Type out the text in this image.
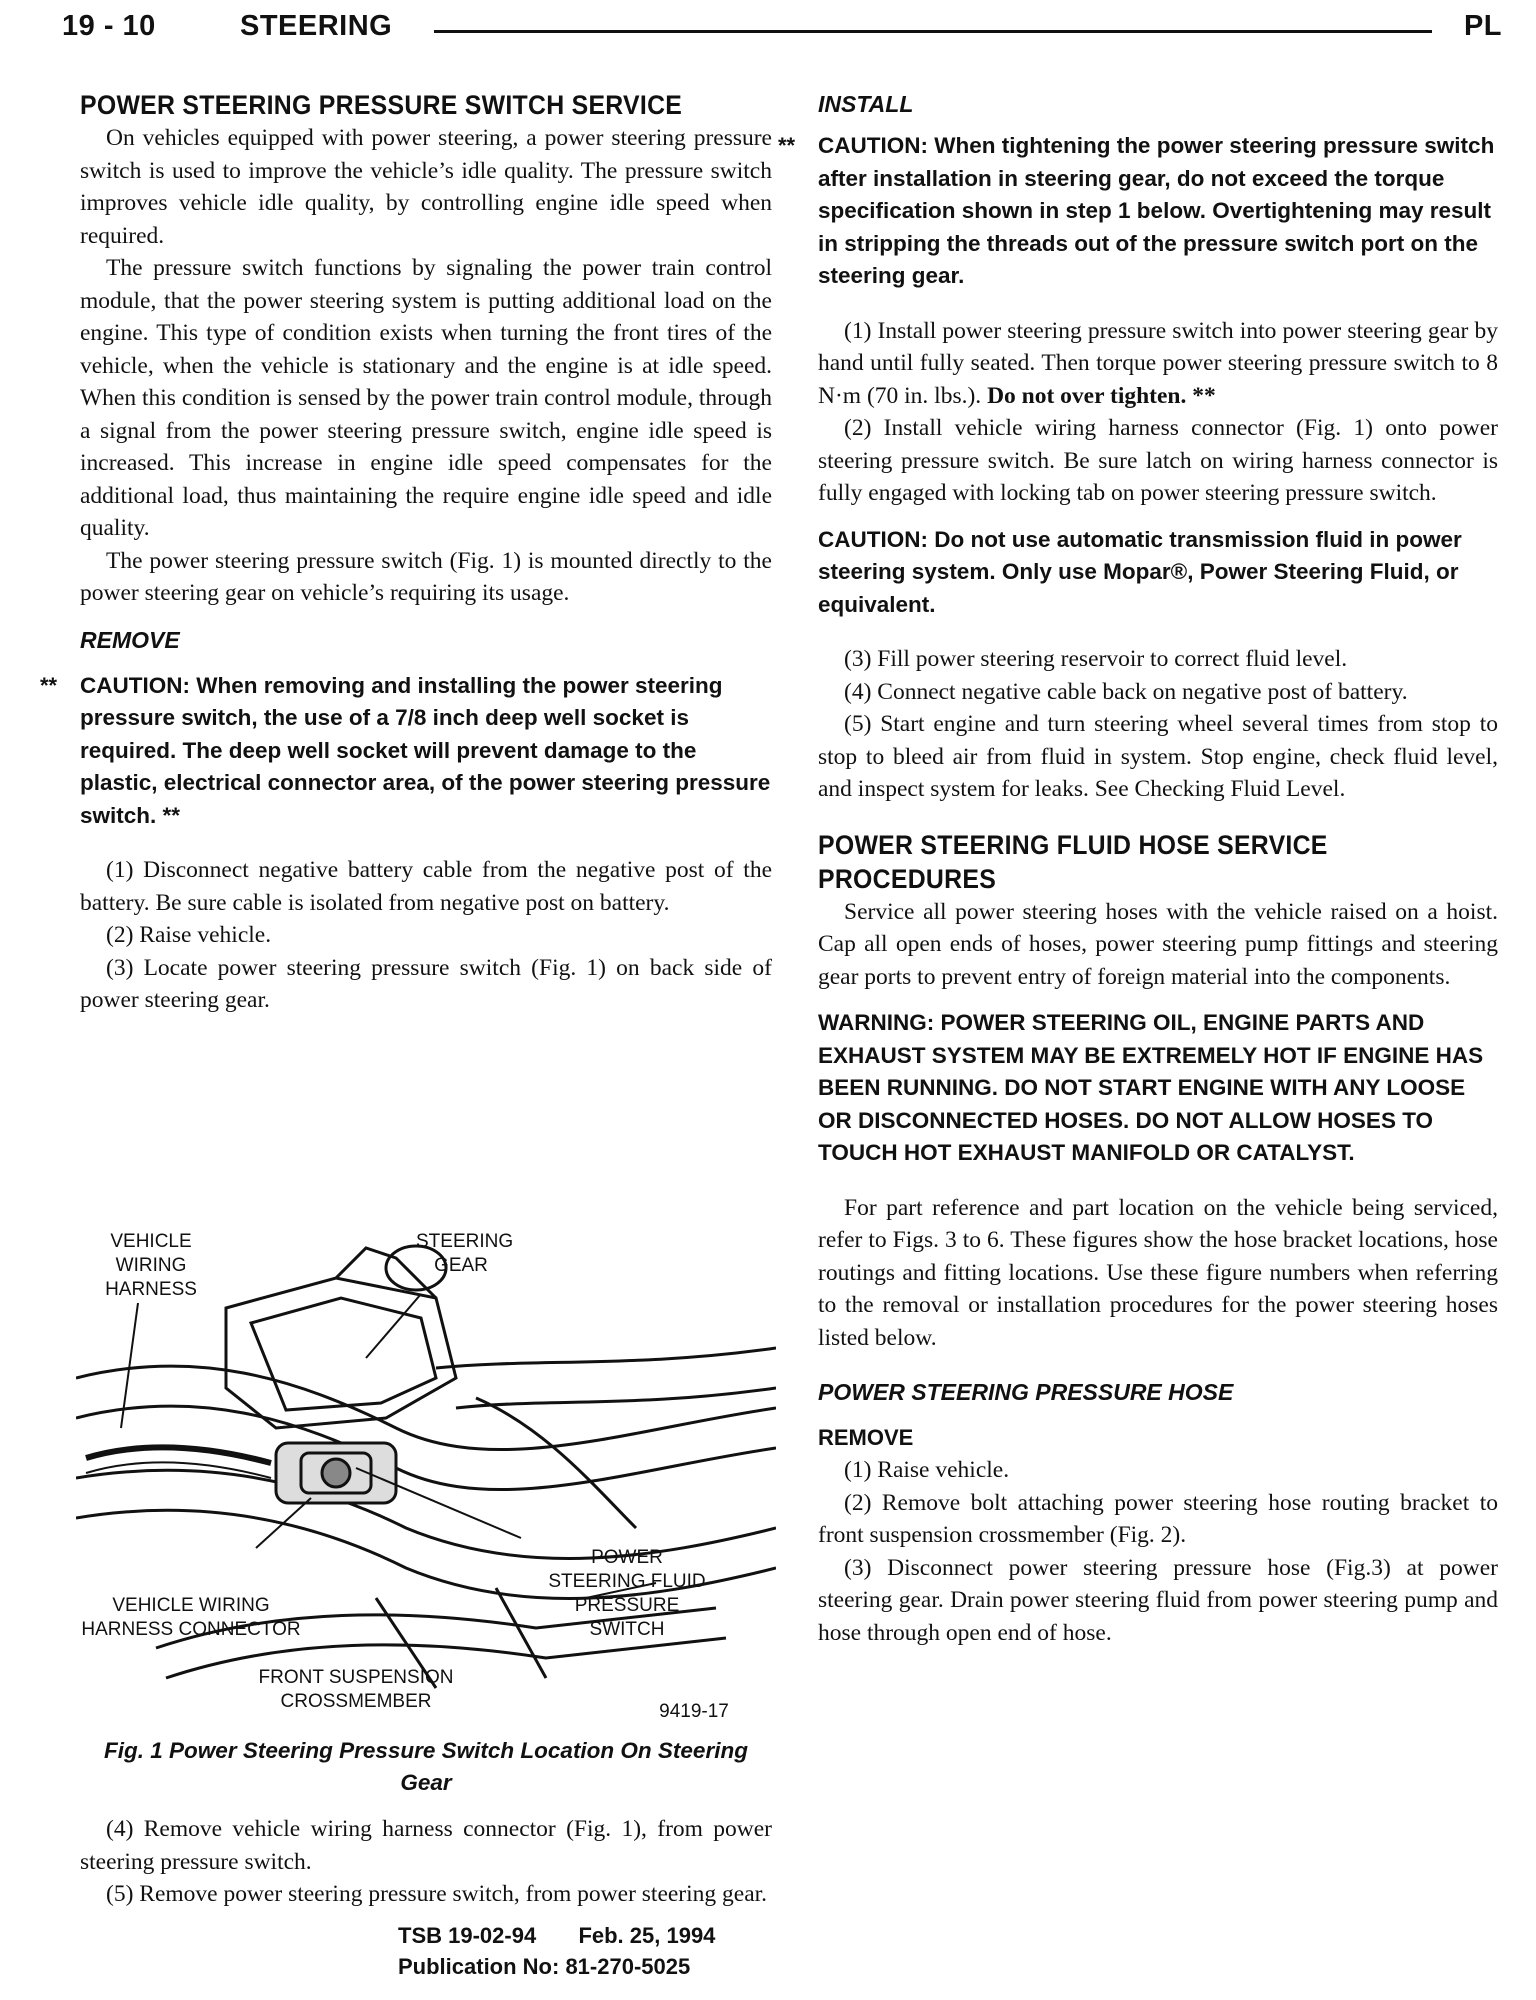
19 - 10	STEERING	PL
POWER STEERING PRESSURE SWITCH SERVICE

On vehicles equipped with power steering, a power steering pressure switch is used to improve the vehicle’s idle quality. The pressure switch improves vehicle idle quality, by controlling engine idle speed when required.

The pressure switch functions by signaling the power train control module, that the power steering system is putting additional load on the engine. This type of condition exists when turning the front tires of the vehicle, when the vehicle is stationary and the engine is at idle speed. When this condition is sensed by the power train control module, through a signal from the power steering pressure switch, engine idle speed is increased. This increase in engine idle speed compensates for the additional load, thus maintaining the require engine idle speed and idle quality.

The power steering pressure switch (Fig. 1) is mounted directly to the power steering gear on vehicle’s requiring its usage.

REMOVE
** CAUTION: When removing and installing the power steering pressure switch, the use of a 7/8 inch deep well socket is required. The deep well socket will prevent damage to the plastic, electrical connector area, of the power steering pressure switch. **

(1) Disconnect negative battery cable from the negative post of the battery. Be sure cable is isolated from negative post on battery.

(2) Raise vehicle.

(3) Locate power steering pressure switch (Fig. 1) on back side of power steering gear.

VEHICLE WIRING HARNESS
STEERING GEAR
POWER STEERING FLUID PRESSURE SWITCH
VEHICLE WIRING HARNESS CONNECTOR
FRONT SUSPENSION CROSSMEMBER	9419-17
Fig. 1 Power Steering Pressure Switch Location On Steering Gear

(4) Remove vehicle wiring harness connector (Fig. 1), from power steering pressure switch.

(5) Remove power steering pressure switch, from power steering gear.

INSTALL
** CAUTION: When tightening the power steering pressure switch after installation in steering gear, do not exceed the torque specification shown in step 1 below. Overtightening may result in stripping the threads out of the pressure switch port on the steering gear.

(1) Install power steering pressure switch into power steering gear by hand until fully seated. Then torque power steering pressure switch to 8 N·m (70 in. lbs.). Do not over tighten. **

(2) Install vehicle wiring harness connector (Fig. 1) onto power steering pressure switch. Be sure latch on wiring harness connector is fully engaged with locking tab on power steering pressure switch.

CAUTION: Do not use automatic transmission fluid in power steering system. Only use Mopar®, Power Steering Fluid, or equivalent.

(3) Fill power steering reservoir to correct fluid level.

(4) Connect negative cable back on negative post of battery.

(5) Start engine and turn steering wheel several times from stop to stop to bleed air from fluid in system. Stop engine, check fluid level, and inspect system for leaks. See Checking Fluid Level.

POWER STEERING FLUID HOSE SERVICE
PROCEDURES

Service all power steering hoses with the vehicle raised on a hoist. Cap all open ends of hoses, power steering pump fittings and steering gear ports to prevent entry of foreign material into the components.

WARNING: POWER STEERING OIL, ENGINE PARTS AND EXHAUST SYSTEM MAY BE EXTREMELY HOT IF ENGINE HAS BEEN RUNNING. DO NOT START ENGINE WITH ANY LOOSE OR DISCONNECTED HOSES. DO NOT ALLOW HOSES TO TOUCH HOT EXHAUST MANIFOLD OR CATALYST.

For part reference and part location on the vehicle being serviced, refer to Figs. 3 to 6. These figures show the hose bracket locations, hose routings and fitting locations. Use these figure numbers when referring to the removal or installation procedures for the power steering hoses listed below.

POWER STEERING PRESSURE HOSE
REMOVE

(1) Raise vehicle.

(2) Remove bolt attaching power steering hose routing bracket to front suspension crossmember (Fig. 2).

(3) Disconnect power steering pressure hose (Fig.3) at power steering gear. Drain power steering fluid from power steering pump and hose through open end of hose.

TSB 19-02-94 Feb. 25, 1994
Publication No: 81-270-5025
